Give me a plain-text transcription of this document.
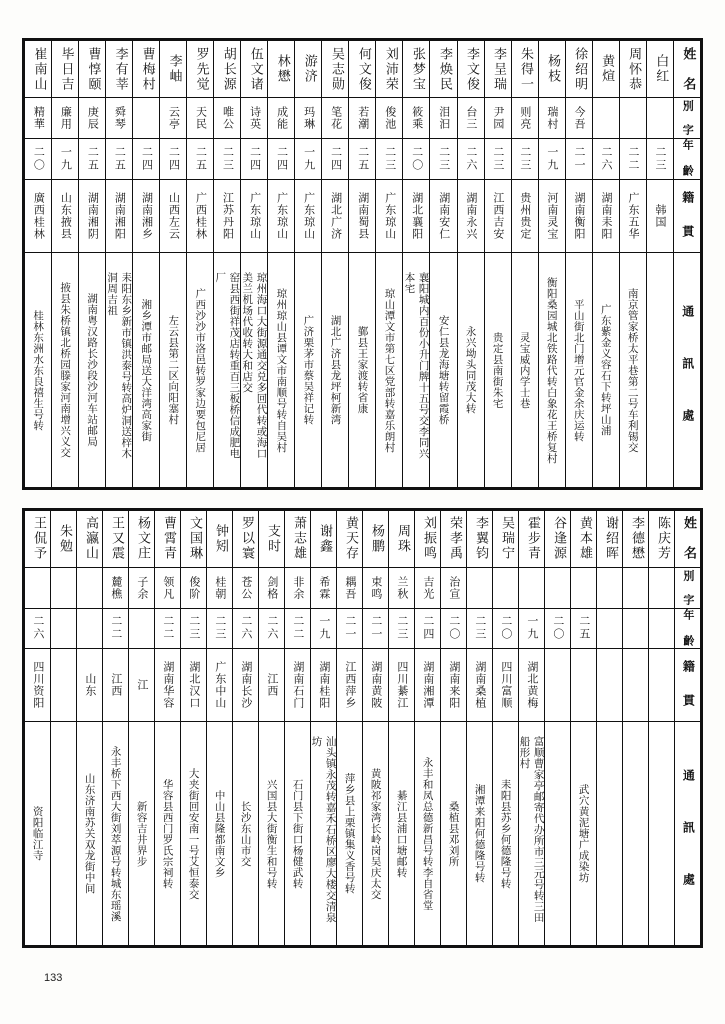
崔南山	毕日吉	曹惇颐	李有莘	曹梅村	李岫	罗先觉	胡长源	伍文诸	林懋	游济	吴志勋	何文俊	刘沛荣	张梦宝	李焕民	李文俊	李呈瑞	朱得一	杨枝	徐绍明	黄煊	周怀恭	白红	姓　名

精華	廉用	庚辰	舜琴		云亭	天民	唯公	诗英	成能	玛琳	笔花	若潮	俊池	筱乘	泪汩	台三	尹园	则亮	瑞村	今吾				別　字

二〇	一九	二五	二五	二四	二四	二五	二三	二四	二四	一九	二四	二五	二三	二〇	二三	二六	二三	二三	一九	二一	二六	二二	二三	年　齡

廣西桂林	山东掖县	湖南湘阴	湖南湘阳	湖南湘乡	山西左云	广西桂林	江苏丹阳	广东琼山	广东琼山	广东琼山	湖北广济	湖南蜀县	广东琼山	湖北襄阳	湖南安仁	湖南永兴	江西吉安	贵州贵定	河南灵宝	湖南衡阳	湖南耒阳	广东五华	韩国	籍　貫

桂林东洲水东良禧生号转	掖县朱桥镇北桥园滕家河南增兴义交	湖南粤汉路长沙段沙河车站邮局	耒阳东乡新市镇洪泰号转高炉洞送梓木洞周吉祖	湘乡潭市邮局送大洋湾高家街	左云县第二区向阳塞村	广西沙沙市洛邑转罗家边要包尼居	窑县西街祥茂店转重百三板桥信成肥电厂	琼州海口大街源通交兑多回代转或海口美兰机场代收转大和店交	琼州琼山县谭文市南顺号转自吴村	广济栗茅市蔡吴祥记转	湖北广济县龙坪柯新湾	鄞县王家渡转省康	琼山潭文市第七区党部转嘉乐朗村	襄阳城内百份小升门牌十五号交李同兴本宅	安仁县龙海塘转留霞桥	永兴坳头同茂大转	贵定县南街朱宅	灵宝威内学士巷	衡阳桑园城北铁路代转白象花王桥复村	平山街北门增元官金余庆运转	广东紫金义容石下转坪山浦	南京管家桥太平巷第二号车利锡交		通　訊　處
王侃予	朱勉	高瀛山	王又震	杨文庄	曹霄青	文国琳	钟矧	罗以寰	支时	萧志雄	谢鑫	黄天存	杨鹏	周珠	刘振鸣	荣孝禹	李翼钧	吴瑞宁	霍步青	谷逢源	黄本雄	谢绍晖	李德懋	陈庆芳	姓　名

			麓樵	子余	领凡	俊阶	桂朝	苍公	剑格	非余	希霖	耦吾	束鸣	兰秋	吉光	治宣									別　字

二六			二二		二二	二三	二三	二六	二六	二二	一九	二一	二一	二三	二四	二〇	二三	二〇	一九	二〇	二五				年　齡

四川资阳		山东	江西	江	湖南华容	湖北汉口	广东中山	湖南长沙	江西	湖南石门	湖南桂阳	江西萍乡	湖南黄陂	四川綦江	湖南湘潭	湖南来阳	湖南桑植	四川富顺	湖北黄梅						籍　貫

资阳临江寺		山东济南苏关双龙街中间	永丰桥下西大街刘萃源号转城东瑶溪	新容吉井界步	华容县西门罗氏宗祠转	大夹街回安南一号艾恒泰交	中山县隆都南文乡	长沙东山市交	兴国县大街衡生和号转	石门县下街口杨健武转	汕头镇永茂转嘉禾石桥区廖大楼交清泉坊	萍乡县上栗镇集义香号转	黄陂祁家湾长岭岗吴庆太交	綦江县浦口塘邮转	永丰和凤总德新昌号转李自省堂	桑植县邓刘所	湘潭来阳何德隆号转	耒阳县苏乡何德隆号转	富顺曹家亭邮寄代办所市三元号转三田船形村		武穴黄泥塘广成染坊				通　訊　處
133
